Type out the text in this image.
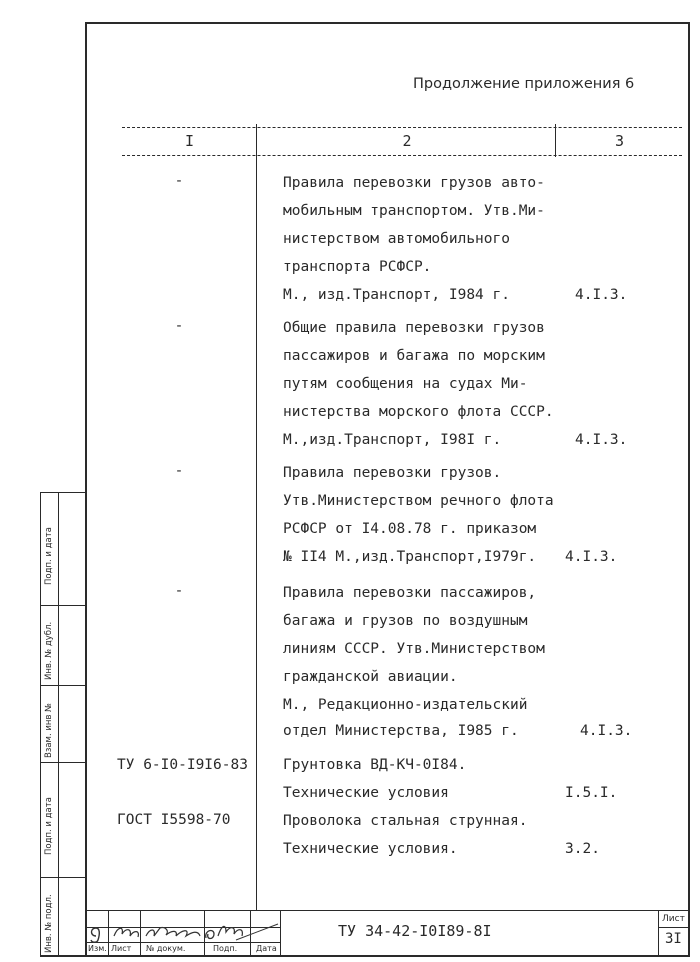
Продолжение приложения 6
I	2	3
-	Правила перевозки грузов авто-
мобильным транспортом. Утв.Ми-
нистерством автомобильного
транспорта РСФСР.
М., изд.Транспорт, I984 г.	4.I.3.
-	Общие правила перевозки грузов
пассажиров и багажа по морским
путям сообщения на судах Ми-
нистерства морского флота СССР.
М.,изд.Транспорт, I98I г.	4.I.3.
-	Правила перевозки грузов.
Утв.Министерством речного флота
РСФСР от I4.08.78 г. приказом
№ II4 М.,изд.Транспорт,I979г. 4.I.3.
-	Правила перевозки пассажиров,
багажа и грузов по воздушным
линиям СССР. Утв.Министерством
гражданской авиации.
М., Редакционно-издательский
отдел Министерства, I985 г.	4.I.3.
ТУ 6-I0-I9I6-83 Грунтовка ВД-КЧ-0I84.
Технические условия	I.5.I.
ГОСТ I5598-70	Проволока стальная струнная.
Технические условия.	3.2.
Подп. и дата
Инв. № дубл.
Взам. инв №
Подп. и дата
Инв. № подл.	Изм. Лист № докум.	Подп. Дата
ТУ 34-42-I0I89-8I
Лист
3I
